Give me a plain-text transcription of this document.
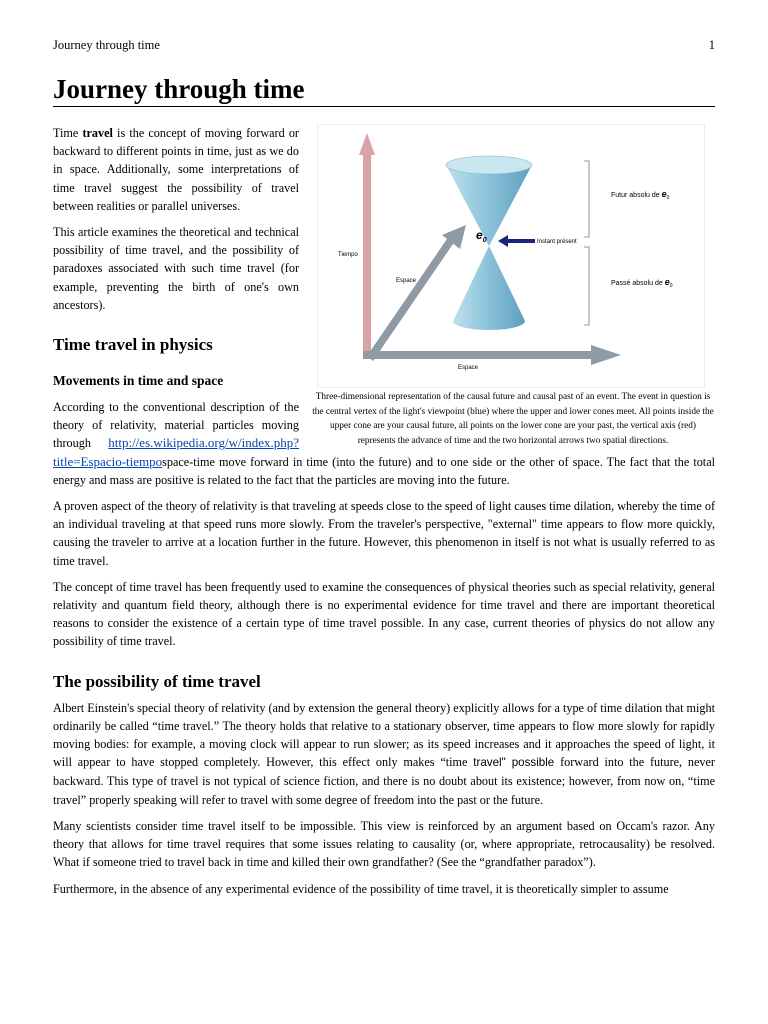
Journey through time	1
Journey through time
$e_0$	Instant présent
Futur absolu de $e_0$
Passé absolu de $e_0$
Tiempo
Espace
Espace
Three-dimensional representation of the causal future and causal past of an event. The event in question is the central vertex of the light's viewpoint (blue) where the upper and lower cones meet. All points inside the upper cone are your causal future, all points on the lower cone are your past, the vertical axis (red) represents the advance of time and the two horizontal arrows two spatial directions.

Time travel is the concept of moving forward or backward to different points in time, just as we do in space. Additionally, some interpretations of time travel suggest the possibility of travel between realities or parallel universes.

This article examines the theoretical and technical possibility of time travel, and the possibility of paradoxes associated with such time travel (for example, preventing the birth of one's own ancestors).

Time travel in physics
Movements in time and space

According to the conventional description of the theory of relativity, material particles moving through http://es.wikipedia.org/w/index.php?title=Espacio-tiempospace-time move forward in time (into the future) and to one side or the other of space. The fact that the total energy and mass are positive is related to the fact that the particles are moving into the future.

A proven aspect of the theory of relativity is that traveling at speeds close to the speed of light causes time dilation, whereby the time of an individual traveling at that speed runs more slowly. From the traveler's perspective, "external" time appears to flow more quickly, causing the traveler to arrive at a location further in the future. However, this phenomenon in itself is not what is usually referred to as time travel.

The concept of time travel has been frequently used to examine the consequences of physical theories such as special relativity, general relativity and quantum field theory, although there is no experimental evidence for time travel and there are important theoretical reasons to consider the existence of a certain type of time travel possible. In any case, current theories of physics do not allow any possibility of time travel.

The possibility of time travel

Albert Einstein's special theory of relativity (and by extension the general theory) explicitly allows for a type of time dilation that might ordinarily be called “time travel.” The theory holds that relative to a stationary observer, time appears to flow more slowly for rapidly moving bodies: for example, a moving clock will appear to run slower; as its speed increases and it approaches the speed of light, it will appear to have stopped completely. However, this effect only makes “time travel" possible forward into the future, never backward. This type of travel is not typical of science fiction, and there is no doubt about its existence; however, from now on, “time travel” properly speaking will refer to travel with some degree of freedom into the past or the future.

Many scientists consider time travel itself to be impossible. This view is reinforced by an argument based on Occam's razor. Any theory that allows for time travel requires that some issues relating to causality (or, where appropriate, retrocausality) be resolved. What if someone tried to travel back in time and killed their own grandfather? (See the “grandfather paradox”).

Furthermore, in the absence of any experimental evidence of the possibility of time travel, it is theoretically simpler to assume
